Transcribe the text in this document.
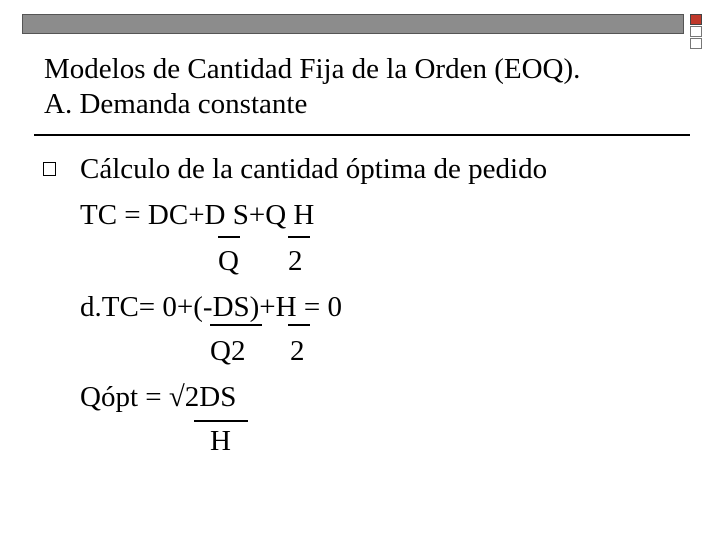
Modelos de Cantidad Fija de la Orden (EOQ).
A. Demanda constante
Cálculo de la cantidad óptima de pedido
TC = DC+D S+Q H
Q 2
d.TC= 0+(-DS)+H = 0
Q2 2
Qópt = √2DS
H
